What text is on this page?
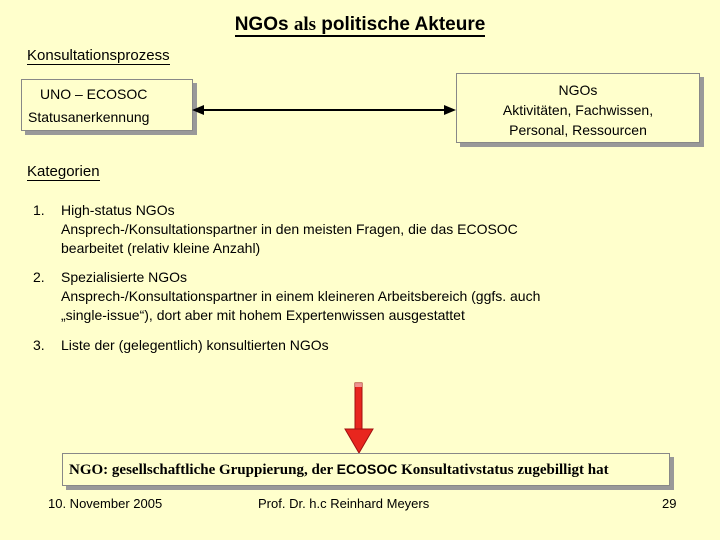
NGOs als politische Akteure
Konsultationsprozess
UNO – ECOSOC
Statusanerkennung
NGOs
Aktivitäten, Fachwissen,
Personal, Ressourcen
Kategorien
1. High-status NGOs
Ansprech-/Konsultationspartner in den meisten Fragen, die das ECOSOC
bearbeitet (relativ kleine Anzahl)
2. Spezialisierte NGOs
Ansprech-/Konsultationspartner in einem kleineren Arbeitsbereich (ggfs. auch
„single-issue“), dort aber mit hohem Expertenwissen ausgestattet
3. Liste der (gelegentlich) konsultierten NGOs
NGO: gesellschaftliche Gruppierung, der ECOSOC Konsultativstatus zugebilligt hat
10. November 2005	Prof. Dr. h.c Reinhard Meyers	29
